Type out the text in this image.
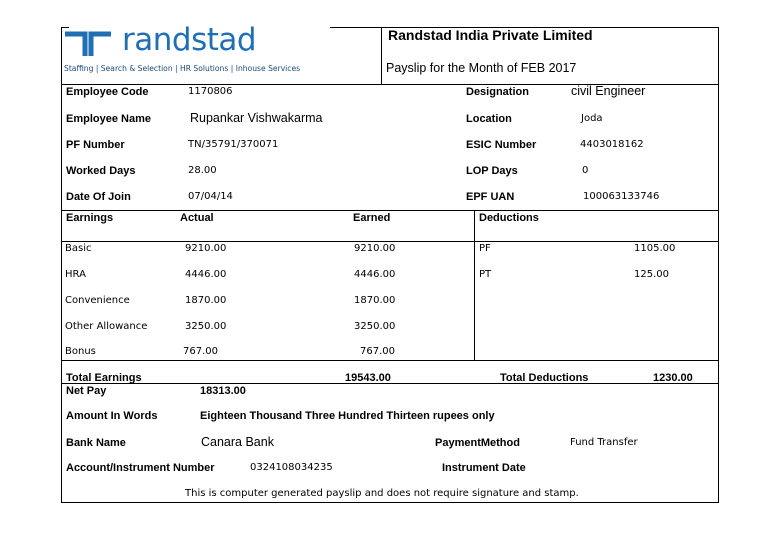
randstad
Staffing | Search & Selection | HR Solutions | Inhouse Services
Randstad India Private Limited
Payslip for the Month of FEB 2017
Employee Code	1170806	Designation	civil Engineer
Employee Name	Rupankar Vishwakarma	Location	Joda
PF Number	TN/35791/370071	ESIC Number	4403018162
Worked Days	28.00	LOP Days	0
Date Of Join	07/04/14	EPF UAN	100063133746
Earnings	Actual	Earned	Deductions
Basic	9210.00	9210.00	PF	1105.00
HRA	4446.00	4446.00	PT	125.00
Convenience	1870.00	1870.00
Other Allowance	3250.00	3250.00
Bonus	767.00	767.00
Total Earnings	19543.00	Total Deductions	1230.00
Net Pay	18313.00
Amount In Words	Eighteen Thousand Three Hundred Thirteen rupees only
Bank Name	Canara Bank	PaymentMethod	Fund Transfer
Account/Instrument Number	0324108034235	Instrument Date
This is computer generated payslip and does not require signature and stamp.
